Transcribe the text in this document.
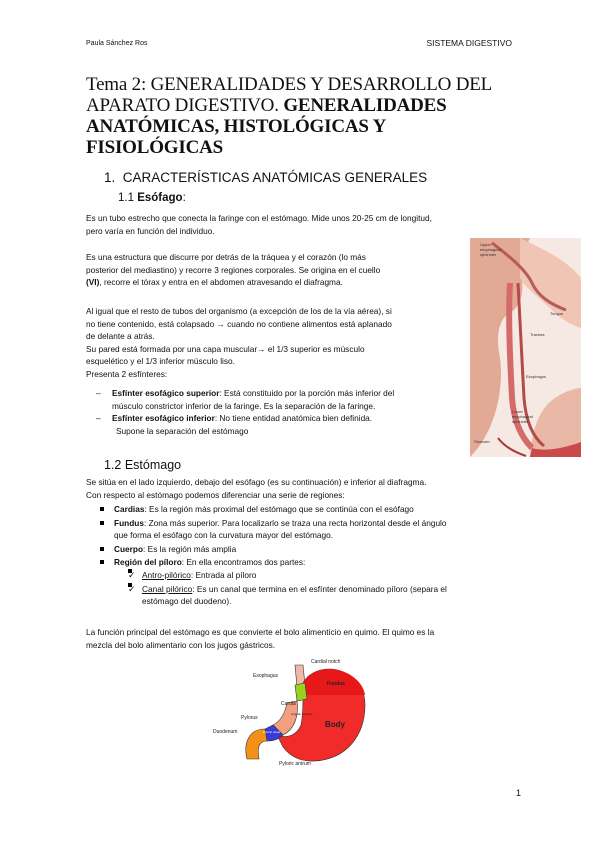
Paula Sánchez Ros	SISTEMA DIGESTIVO
Tema 2: GENERALIDADES Y DESARROLLO DEL
APARATO DIGESTIVO. GENERALIDADES
ANATÓMICAS, HISTOLÓGICAS Y FISIOLÓGICAS
1. CARACTERÍSTICAS ANATÓMICAS GENERALES
1.1 Esófago:
Es un tubo estrecho que conecta la faringe con el estómago. Mide unos 20-25 cm de longitud,
pero varía en función del individuo.
Es una estructura que discurre por detrás de la tráquea y el corazón (lo más
posterior del mediastino) y recorre 3 regiones corporales. Se origina en el cuello
(VI), recorre el tórax y entra en el abdomen atravesando el diafragma.
Al igual que el resto de tubos del organismo (a excepción de los de la vía aérea), si
no tiene contenido, está colapsado → cuando no contiene alimentos está aplanado
de delante a atrás.
Su pared está formada por una capa muscular→ el 1/3 superior es músculo
esquelético y el 1/3 inferior músculo liso.
Presenta 2 esfínteres:
– Esfínter esofágico superior: Está constituido por la porción más inferior del
músculo constrictor inferior de la faringe. Es la separación de la faringe.
– Esfínter esofágico inferior: No tiene entidad anatómica bien definida.
Supone la separación del estómago
Upper
esophageal
sphincter
Tongue
Trachea
Esophagus
Lower
esophageal
sphincter
Stomach
1.2 Estómago
Se sitúa en el lado izquierdo, debajo del esófago (es su continuación) e inferior al diafragma.
Con respecto al estómago podemos diferenciar una serie de regiones:
Cardias: Es la región más proximal del estómago que se continúa con el esófago
Fundus: Zona más superior. Para localizarlo se traza una recta horizontal desde el ángulo
que forma el esófago con la curvatura mayor del estómago.
Cuerpo: Es la región más amplia
Región del píloro: En ella encontramos dos partes:
✓ Antro-pilórico: Entrada al píloro
✓ Canal pilórico: Es un canal que termina en el esfínter denominado píloro (separa el
estómago del duodeno).
La función principal del estómago es que convierte el bolo alimenticio en quimo. El quimo es la
mezcla del bolo alimentario con los jugos gástricos.
Cardial notch
Esophagus
Fundus
Cardia
Angular incisure
Body
Pylorus
Pyloric canal
Duodenum
Pyloric antrum
1
